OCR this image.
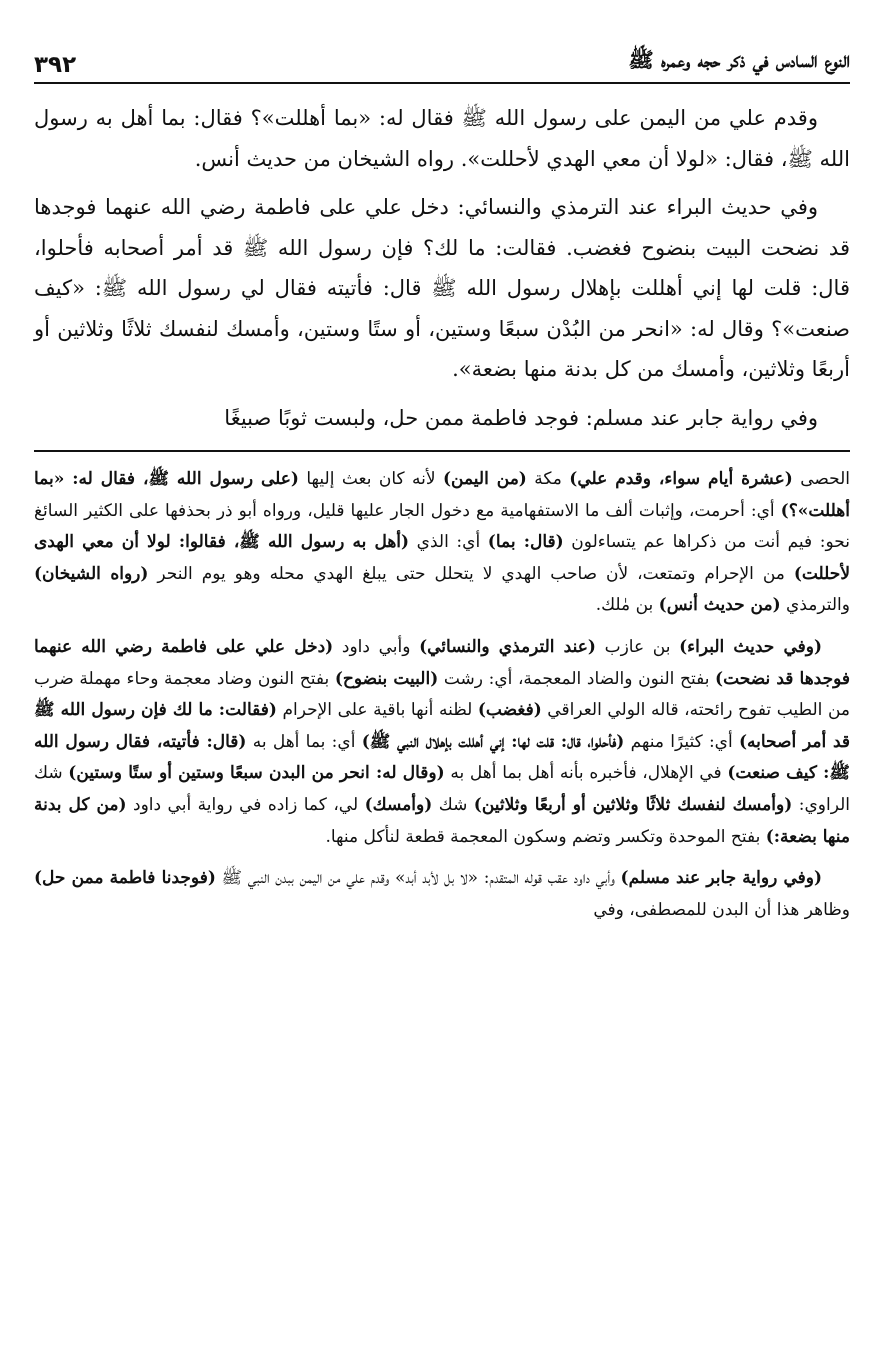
النوع السادس في ذكر حجه وعمره ﷺ
٣٩٢

وقدم علي من اليمن على رسول الله ﷺ فقال له: «بما أهللت»؟ فقال: بما أهل به رسول الله ﷺ، فقال: «لولا أن معي الهدي لأحللت». رواه الشيخان من حديث أنس.

وفي حديث البراء عند الترمذي والنسائي: دخل علي على فاطمة رضي الله عنهما فوجدها قد نضحت البيت بنضوح فغضب. فقالت: ما لك؟ فإن رسول الله ﷺ قد أمر أصحابه فأحلوا، قال: قلت لها إني أهللت بإهلال رسول الله ﷺ قال: فأتيته فقال لي رسول الله ﷺ: «كيف صنعت»؟ وقال له: «انحر من البُدْن سبعًا وستين، أو ستًا وستين، وأمسك لنفسك ثلاثًا وثلاثين أو أربعًا وثلاثين، وأمسك من كل بدنة منها بضعة».

وفي رواية جابر عند مسلم: فوجد فاطمة ممن حل، ولبست ثوبًا صبيغًا

الحصى (عشرة أيام سواء، وقدم علي) مكة (من اليمن) لأنه كان بعث إليها (على رسول الله ﷺ، فقال له: «بما أهللت»؟) أي: أحرمت، وإثبات ألف ما الاستفهامية مع دخول الجار عليها قليل، ورواه أبو ذر بحذفها على الكثير السائغ نحو: فيم أنت من ذكراها عم يتساءلون (قال: بما) أي: الذي (أهل به رسول الله ﷺ، فقالوا: لولا أن معي الهدى لأحللت) من الإحرام وتمتعت، لأن صاحب الهدي لا يتحلل حتى يبلغ الهدي محله وهو يوم النحر (رواه الشيخان) والترمذي (من حديث أنس) بن مٰلك.

(وفي حديث البراء) بن عازب (عند الترمذي والنسائي) وأبي داود (دخل علي على فاطمة رضي الله عنهما فوجدها قد نضحت) بفتح النون والضاد المعجمة، أي: رشت (البيت بنضوح) بفتح النون وضاد معجمة وحاء مهملة ضرب من الطيب تفوح رائحته، قاله الولي العراقي (فغضب) لظنه أنها باقية على الإحرام (فقالت: ما لك فإن رسول الله ﷺ قد أمر أصحابه) أي: كثيرًا منهم (فأحلوا، قال: قلت لها: إني أهللت بإهلال النبي ﷺ) أي: بما أهل به (قال: فأتيته، فقال رسول الله ﷺ: كيف صنعت) في الإهلال، فأخبره بأنه أهل بما أهل به (وقال له: انحر من البدن سبعًا وستين أو ستًا وستين) شك الراوي: (وأمسك لنفسك ثلاثًا وثلاثين أو أربعًا وثلاثين) شك (وأمسك) لي، كما زاده في رواية أبي داود (من كل بدنة منها بضعة:) بفتح الموحدة وتكسر وتضم وسكون المعجمة قطعة لنأكل منها.

(وفي رواية جابر عند مسلم) وأبي داود عقب قوله المتقدم: «لا بل لأبد أبد» وقدم علي من اليمن ببدن النبي ﷺ (فوجدنا فاطمة ممن حل) وظاهر هذا أن البدن للمصطفى، وفي
